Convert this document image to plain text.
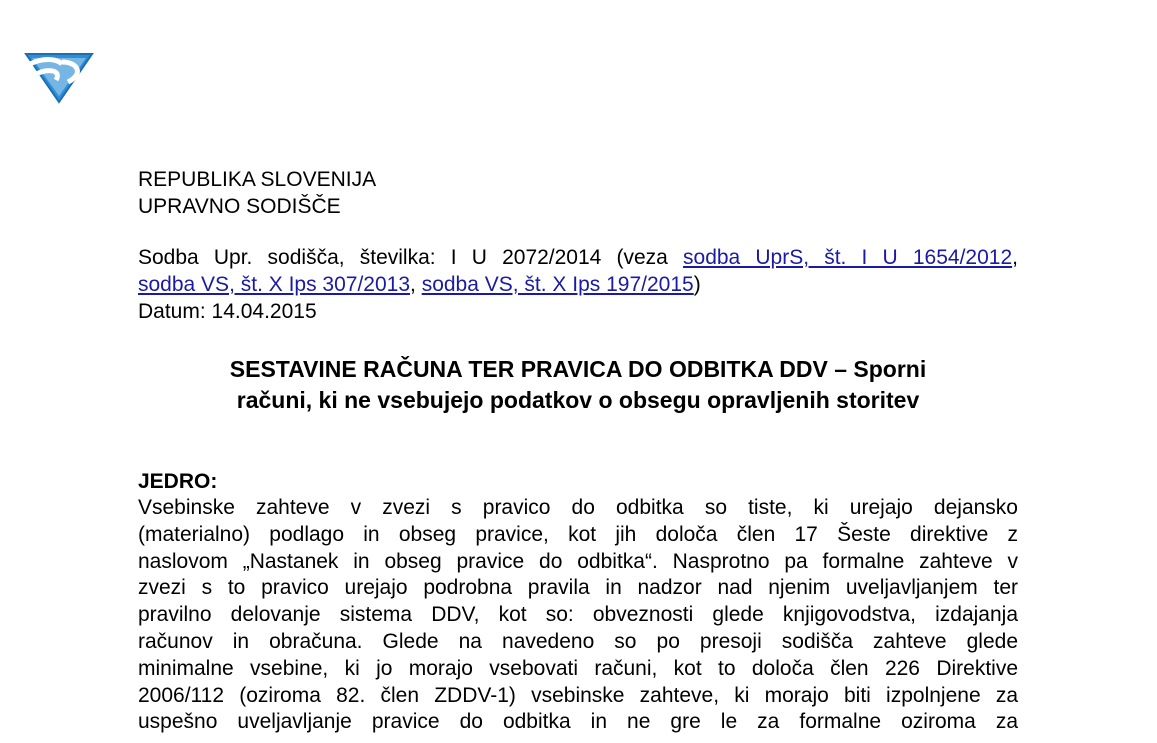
REPUBLIKA SLOVENIJA
UPRAVNO SODIŠČE
Sodba Upr. sodišča, številka: I U 2072/2014 (veza sodba UprS, št. I U 1654/2012,
sodba VS, št. X Ips 307/2013, sodba VS, št. X Ips 197/2015)
Datum: 14.04.2015
SESTAVINE RAČUNA TER PRAVICA DO ODBITKA DDV – Sporni
računi, ki ne vsebujejo podatkov o obsegu opravljenih storitev
JEDRO:
Vsebinske zahteve v zvezi s pravico do odbitka so tiste, ki urejajo dejansko
(materialno) podlago in obseg pravice, kot jih določa člen 17 Šeste direktive z
naslovom „Nastanek in obseg pravice do odbitka“. Nasprotno pa formalne zahteve v
zvezi s to pravico urejajo podrobna pravila in nadzor nad njenim uveljavljanjem ter
pravilno delovanje sistema DDV, kot so: obveznosti glede knjigovodstva, izdajanja
računov in obračuna. Glede na navedeno so po presoji sodišča zahteve glede
minimalne vsebine, ki jo morajo vsebovati računi, kot to določa člen 226 Direktive
2006/112 (oziroma 82. člen ZDDV-1) vsebinske zahteve, ki morajo biti izpolnjene za
uspešno uveljavljanje pravice do odbitka in ne gre le za formalne oziroma za
